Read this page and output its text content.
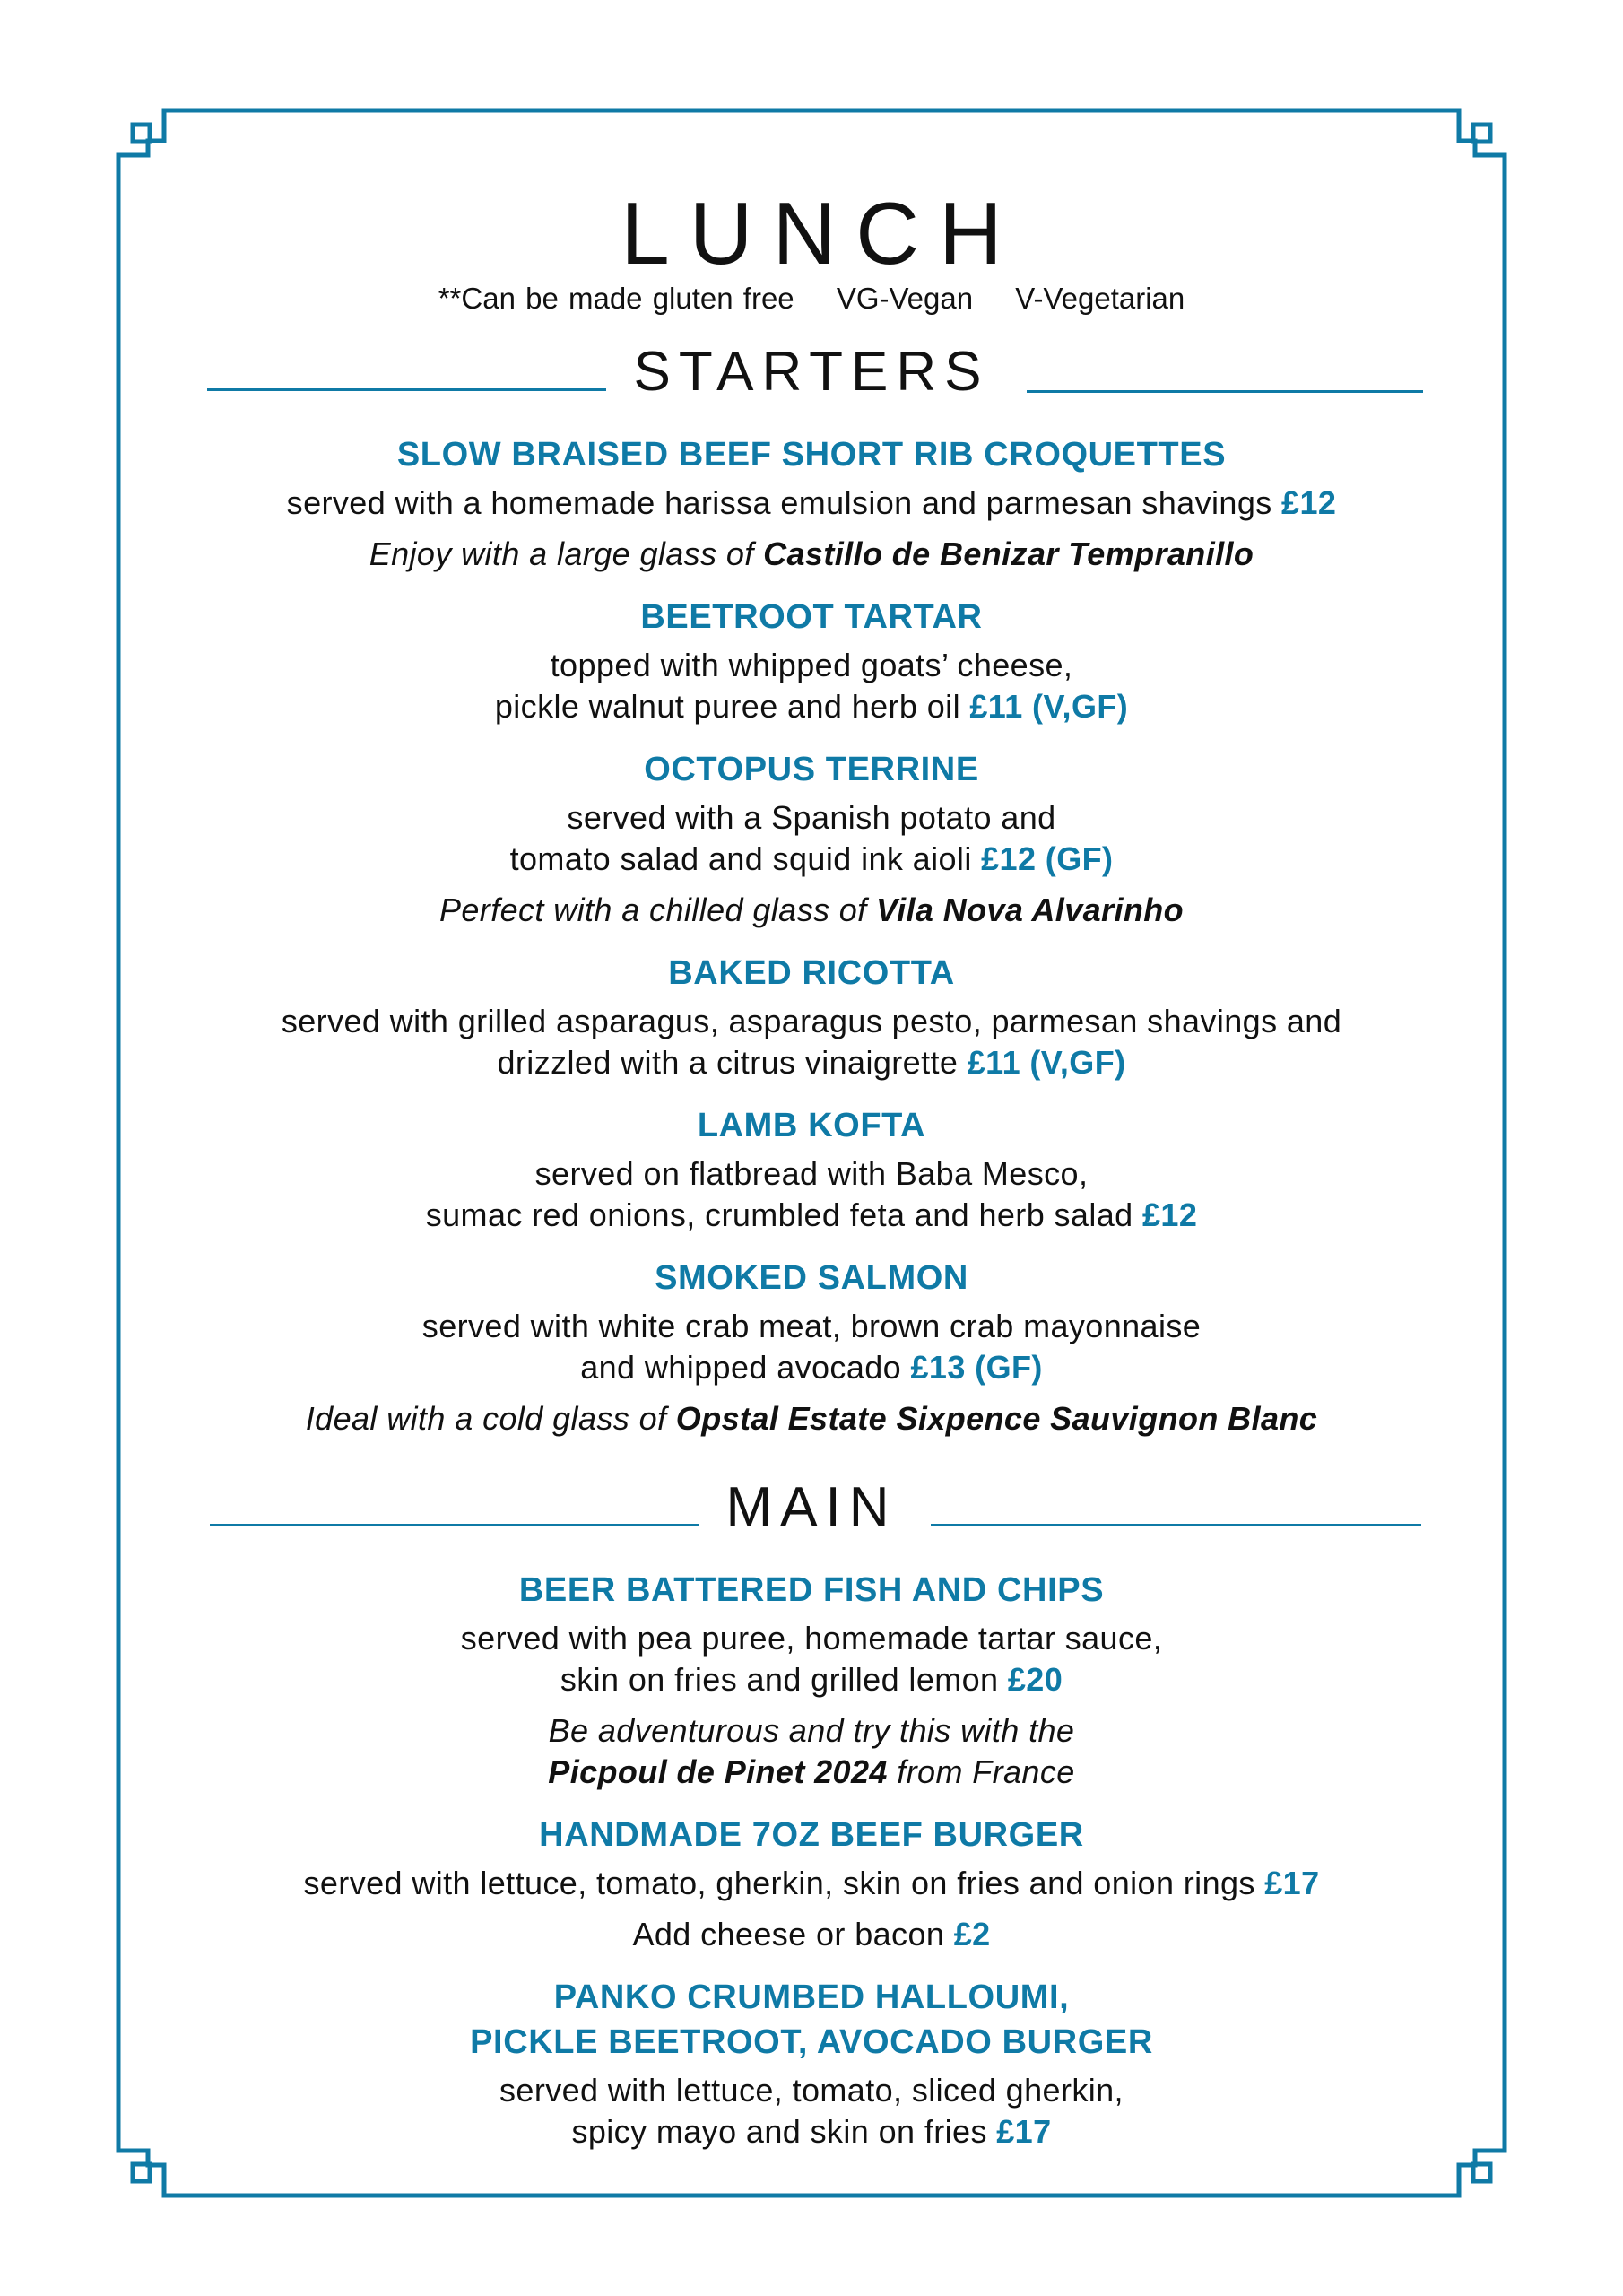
LUNCH
**Can be made gluten free VG-Vegan V-Vegetarian
STARTERS
SLOW BRAISED BEEF SHORT RIB CROQUETTES
served with a homemade harissa emulsion and parmesan shavings £12
Enjoy with a large glass of Castillo de Benizar Tempranillo
BEETROOT TARTAR
topped with whipped goats’ cheese,
pickle walnut puree and herb oil £11 (V,GF)
OCTOPUS TERRINE
served with a Spanish potato and
tomato salad and squid ink aioli £12 (GF)
Perfect with a chilled glass of Vila Nova Alvarinho
BAKED RICOTTA
served with grilled asparagus, asparagus pesto, parmesan shavings and
drizzled with a citrus vinaigrette £11 (V,GF)
LAMB KOFTA
served on flatbread with Baba Mesco,
sumac red onions, crumbled feta and herb salad £12
SMOKED SALMON
served with white crab meat, brown crab mayonnaise
and whipped avocado £13 (GF)
Ideal with a cold glass of Opstal Estate Sixpence Sauvignon Blanc
MAIN
BEER BATTERED FISH AND CHIPS
served with pea puree, homemade tartar sauce,
skin on fries and grilled lemon £20
Be adventurous and try this with the
Picpoul de Pinet 2024 from France
HANDMADE 7OZ BEEF BURGER
served with lettuce, tomato, gherkin, skin on fries and onion rings £17
Add cheese or bacon £2
PANKO CRUMBED HALLOUMI,
PICKLE BEETROOT, AVOCADO BURGER
served with lettuce, tomato, sliced gherkin,
spicy mayo and skin on fries £17
